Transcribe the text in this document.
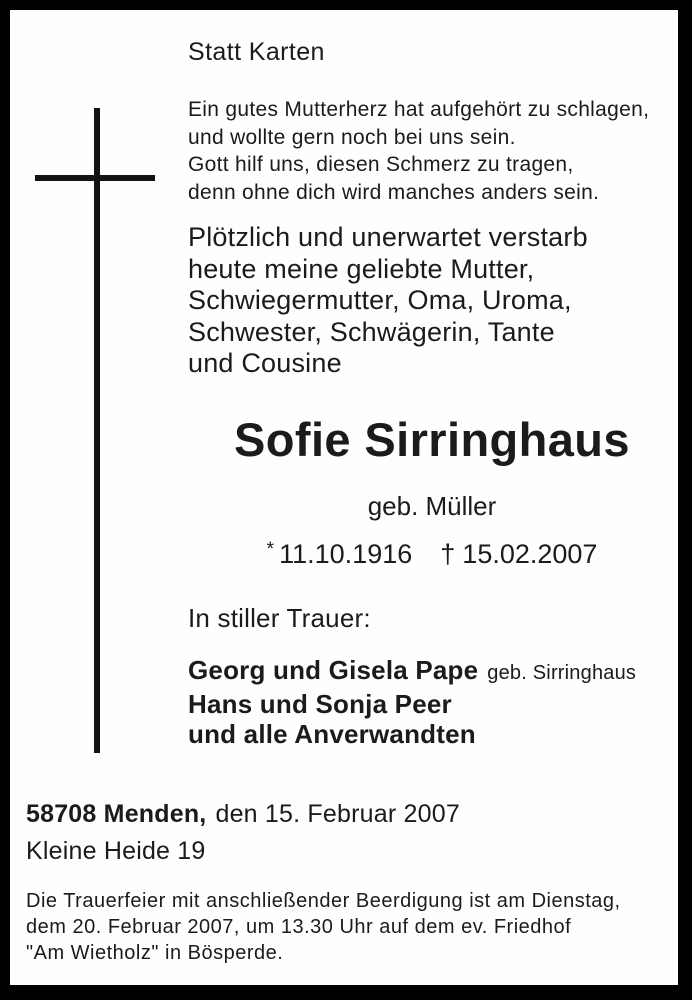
Statt Karten
Ein gutes Mutterherz hat aufgehört zu schlagen,
und wollte gern noch bei uns sein.
Gott hilf uns, diesen Schmerz zu tragen,
denn ohne dich wird manches anders sein.
Plötzlich und unerwartet verstarb
heute meine geliebte Mutter,
Schwiegermutter, Oma, Uroma,
Schwester, Schwägerin, Tante
und Cousine
Sofie Sirringhaus
geb. Müller
* 11.10.1916 † 15.02.2007
In stiller Trauer:
Georg und Gisela Pape geb. Sirringhaus
Hans und Sonja Peer
und alle Anverwandten
58708 Menden, den 15. Februar 2007
Kleine Heide 19
Die Trauerfeier mit anschließender Beerdigung ist am Dienstag,
dem 20. Februar 2007, um 13.30 Uhr auf dem ev. Friedhof
"Am Wietholz" in Bösperde.
